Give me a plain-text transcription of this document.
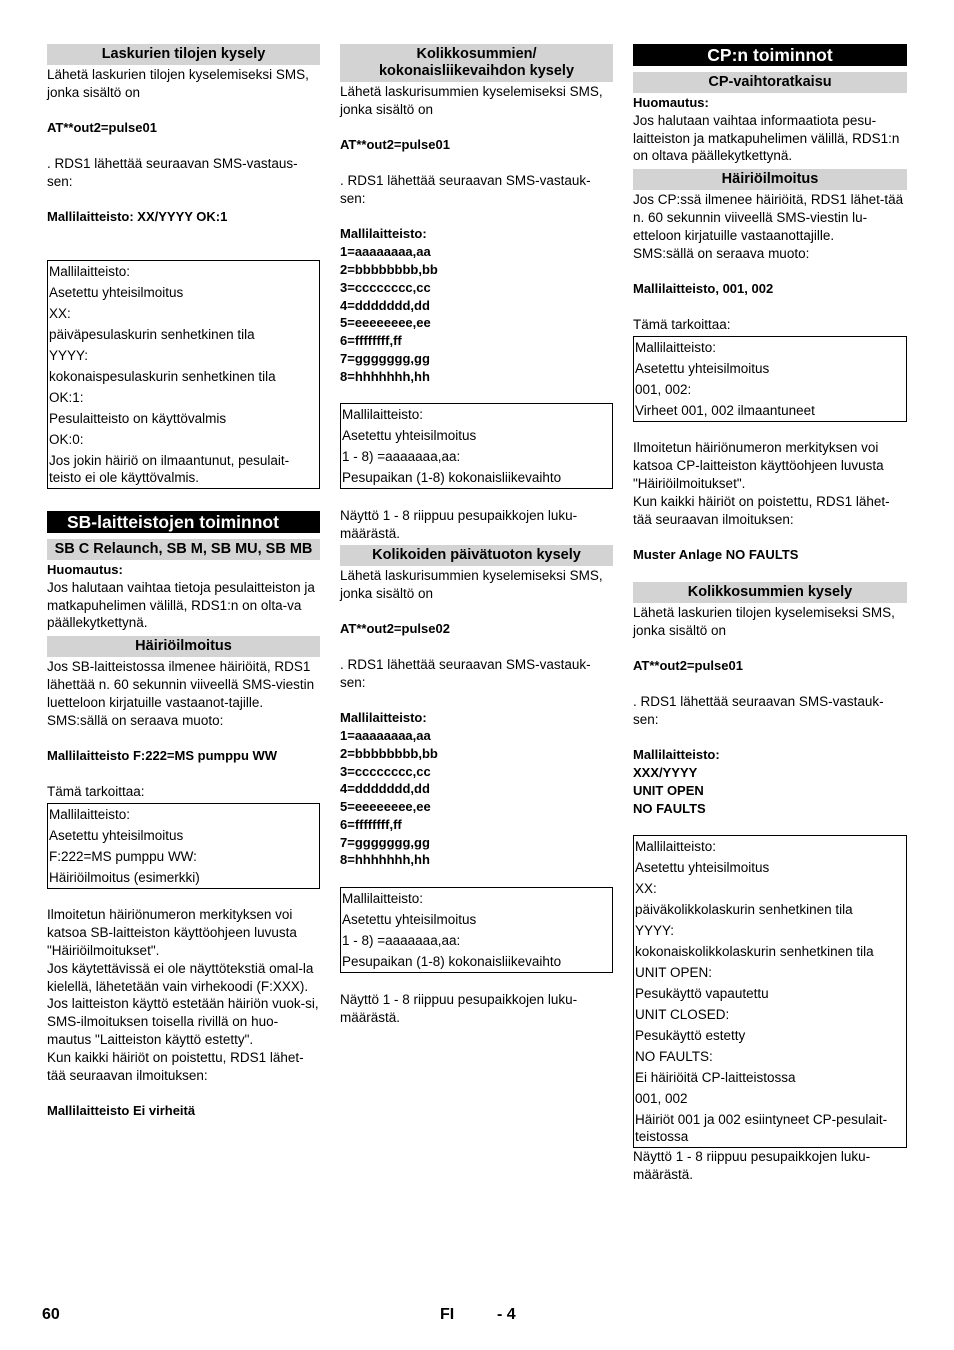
Laskurien tilojen kysely

Lähetä laskurien tilojen kyselemiseksi SMS, jonka sisältö on

AT**out2=pulse01

. RDS1 lähettää seuraavan SMS-vastaus-sen:

Mallilaitteisto: XX/YYYY OK:1

Mallilaitteisto:
Asetettu yhteisilmoitus
XX:
päiväpesulaskurin senhetkinen tila
YYYY:
kokonaispesulaskurin senhetkinen tila
OK:1:
Pesulaitteisto on käyttövalmis
OK:0:
Jos jokin häiriö on ilmaantunut, pesulait-teisto ei ole käyttövalmis.
SB-laitteistojen toiminnot
SB C Relaunch, SB M, SB MU, SB MB

Huomautus:

Jos halutaan vaihtaa tietoja pesulaitteiston ja matkapuhelimen välillä, RDS1:n on olta-va päällekytkettynä.

Häiriöilmoitus

Jos SB-laitteistossa ilmenee häiriöitä, RDS1 lähettää n. 60 sekunnin viiveellä SMS-viestin luetteloon kirjatuille vastaanot-tajille.

SMS:sällä on seraava muoto:

Mallilaitteisto F:222=MS pumppu WW

Tämä tarkoittaa:

Mallilaitteisto:
Asetettu yhteisilmoitus
F:222=MS pumppu WW:
Häiriöilmoitus (esimerkki)

Ilmoitetun häiriönumeron merkityksen voi katsoa SB-laitteiston käyttöohjeen luvusta "Häiriöilmoitukset".

Jos käytettävissä ei ole näyttötekstiä omal-la kielellä, lähetetään vain virhekoodi (F:XXX).

Jos laitteiston käyttö estetään häiriön vuok-si, SMS-ilmoituksen toisella rivillä on huo-mautus "Laitteiston käyttö estetty".

Kun kaikki häiriöt on poistettu, RDS1 lähet-tää seuraavan ilmoituksen:

Mallilaitteisto Ei virheitä

Kolikkosummien/ kokonaisliikevaihdon kysely

Lähetä laskurisummien kyselemiseksi SMS, jonka sisältö on

AT**out2=pulse01

. RDS1 lähettää seuraavan SMS-vastauk-sen:

Mallilaitteisto:

1=aaaaaaaa,aa

2=bbbbbbbb,bb

3=cccccccc,cc

4=ddddddd,dd

5=eeeeeeee,ee

6=ffffffff,ff

7=ggggggg,gg

8=hhhhhhh,hh

Mallilaitteisto:
Asetettu yhteisilmoitus
1 - 8) =aaaaaaa,aa:
Pesupaikan (1-8) kokonaisliikevaihto

Näyttö 1 - 8 riippuu pesupaikkojen luku-määrästä.

Kolikoiden päivätuoton kysely

Lähetä laskurisummien kyselemiseksi SMS, jonka sisältö on

AT**out2=pulse02

. RDS1 lähettää seuraavan SMS-vastauk-sen:

Mallilaitteisto:

1=aaaaaaaa,aa

2=bbbbbbbb,bb

3=cccccccc,cc

4=ddddddd,dd

5=eeeeeeee,ee

6=ffffffff,ff

7=ggggggg,gg

8=hhhhhhh,hh

Mallilaitteisto:
Asetettu yhteisilmoitus
1 - 8) =aaaaaaa,aa:
Pesupaikan (1-8) kokonaisliikevaihto

Näyttö 1 - 8 riippuu pesupaikkojen luku-määrästä.

CP:n toiminnot
CP-vaihtoratkaisu

Huomautus:

Jos halutaan vaihtaa informaatiota pesu-laitteiston ja matkapuhelimen välillä, RDS1:n on oltava päällekytkettynä.

Häiriöilmoitus

Jos CP:ssä ilmenee häiriöitä, RDS1 lähet-tää n. 60 sekunnin viiveellä SMS-viestin lu-etteloon kirjatuille vastaanottajille.

SMS:sällä on seraava muoto:

Mallilaitteisto, 001, 002

Tämä tarkoittaa:

Mallilaitteisto:
Asetettu yhteisilmoitus
001, 002:
Virheet 001, 002 ilmaantuneet

Ilmoitetun häiriönumeron merkityksen voi katsoa CP-laitteiston käyttöohjeen luvusta "Häiriöilmoitukset".

Kun kaikki häiriöt on poistettu, RDS1 lähet-tää seuraavan ilmoituksen:

Muster Anlage NO FAULTS

Kolikkosummien kysely

Lähetä laskurien tilojen kyselemiseksi SMS, jonka sisältö on

AT**out2=pulse01

. RDS1 lähettää seuraavan SMS-vastauk-sen:

Mallilaitteisto:

XXX/YYYY

UNIT OPEN

NO FAULTS

Mallilaitteisto:
Asetettu yhteisilmoitus
XX:
päiväkolikkolaskurin senhetkinen tila
YYYY:
kokonaiskolikkolaskurin senhetkinen tila
UNIT OPEN:
Pesukäyttö vapautettu
UNIT CLOSED:
Pesukäyttö estetty
NO FAULTS:
Ei häiriöitä CP-laitteistossa
001, 002
Häiriöt 001 ja 002 esiintyneet CP-pesulait-teistossa

Näyttö 1 - 8 riippuu pesupaikkojen luku-määrästä.

60	FI	- 4
